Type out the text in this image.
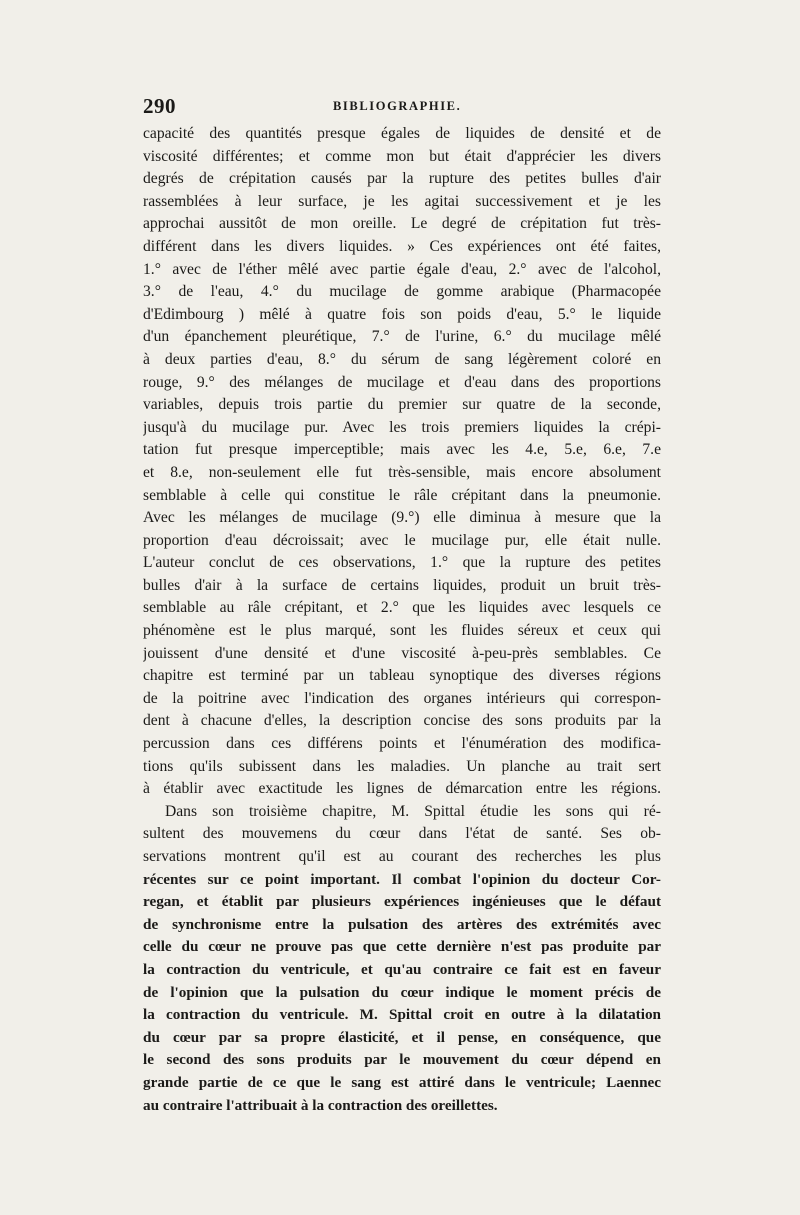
290	BIBLIOGRAPHIE.
capacité des quantités presque égales de liquides de densité et de
viscosité différentes; et comme mon but était d'apprécier les divers
degrés de crépitation causés par la rupture des petites bulles d'air
rassemblées à leur surface, je les agitai successivement et je les
approchai aussitôt de mon oreille. Le degré de crépitation fut très-
différent dans les divers liquides. » Ces expériences ont été faites,
1.° avec de l'éther mêlé avec partie égale d'eau, 2.° avec de l'alcohol,
3.° de l'eau, 4.° du mucilage de gomme arabique (Pharmacopée
d'Edimbourg ) mêlé à quatre fois son poids d'eau, 5.° le liquide
d'un épanchement pleurétique, 7.° de l'urine, 6.° du mucilage mêlé
à deux parties d'eau, 8.° du sérum de sang légèrement coloré en
rouge, 9.° des mélanges de mucilage et d'eau dans des proportions
variables, depuis trois partie du premier sur quatre de la seconde,
jusqu'à du mucilage pur. Avec les trois premiers liquides la crépi-
tation fut presque imperceptible; mais avec les 4.e, 5.e, 6.e, 7.e
et 8.e, non-seulement elle fut très-sensible, mais encore absolument
semblable à celle qui constitue le râle crépitant dans la pneumonie.
Avec les mélanges de mucilage (9.°) elle diminua à mesure que la
proportion d'eau décroissait; avec le mucilage pur, elle était nulle.
L'auteur conclut de ces observations, 1.° que la rupture des petites
bulles d'air à la surface de certains liquides, produit un bruit très-
semblable au râle crépitant, et 2.° que les liquides avec lesquels ce
phénomène est le plus marqué, sont les fluides séreux et ceux qui
jouissent d'une densité et d'une viscosité à-peu-près semblables. Ce
chapitre est terminé par un tableau synoptique des diverses régions
de la poitrine avec l'indication des organes intérieurs qui correspon-
dent à chacune d'elles, la description concise des sons produits par la
percussion dans ces différens points et l'énumération des modifica-
tions qu'ils subissent dans les maladies. Un planche au trait sert
à établir avec exactitude les lignes de démarcation entre les régions.
Dans son troisième chapitre, M. Spittal étudie les sons qui ré-
sultent des mouvemens du cœur dans l'état de santé. Ses ob-
servations montrent qu'il est au courant des recherches les plus
récentes sur ce point important. Il combat l'opinion du docteur Cor-
regan, et établit par plusieurs expériences ingénieuses que le défaut
de synchronisme entre la pulsation des artères des extrémités avec
celle du cœur ne prouve pas que cette dernière n'est pas produite par
la contraction du ventricule, et qu'au contraire ce fait est en faveur
de l'opinion que la pulsation du cœur indique le moment précis de
la contraction du ventricule. M. Spittal croit en outre à la dilatation
du cœur par sa propre élasticité, et il pense, en conséquence, que
le second des sons produits par le mouvement du cœur dépend en
grande partie de ce que le sang est attiré dans le ventricule; Laennec
au contraire l'attribuait à la contraction des oreillettes.
